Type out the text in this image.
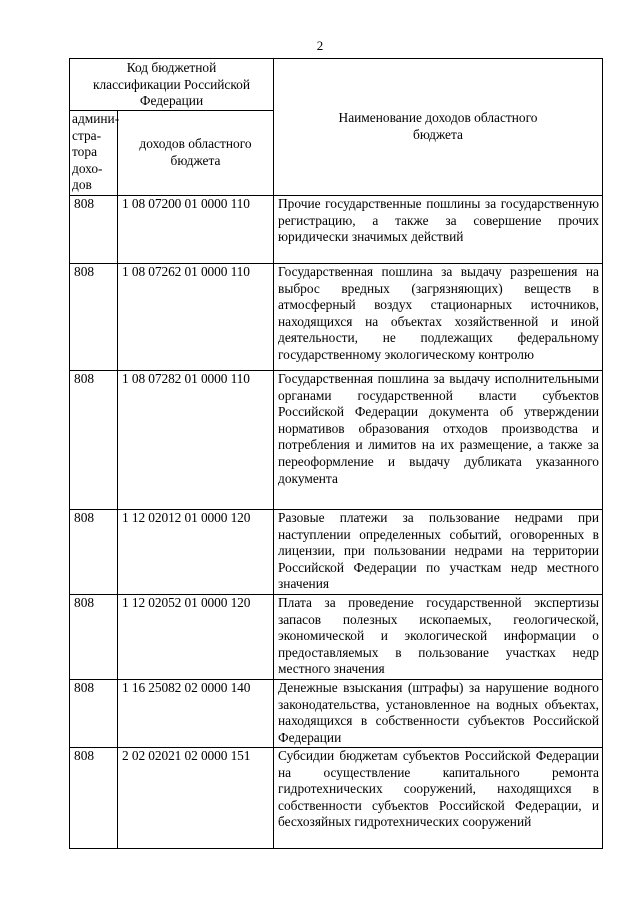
2
Код бюджетной классификации Российской Федерации		Наименование доходов областного бюджета

админи-стра-тора дохо-дов	доходов областного бюджета	

808	1 08 07200 01 0000 110	Прочие государственные пошлины за государственную регистрацию, а также за совершение прочих юридически значимых действий
808	1 08 07262 01 0000 110	Государственная пошлина за выдачу разрешения на выброс вредных (загрязняющих) веществ в атмосферный воздух стационарных источников, находящихся на объектах хозяйственной и иной деятельности, не подлежащих федеральному государственному экологическому контролю
808	1 08 07282 01 0000 110	Государственная пошлина за выдачу исполнительными органами государственной власти субъектов Российской Федерации документа об утверждении нормативов образования отходов производства и потребления и лимитов на их размещение, а также за переоформление и выдачу дубликата указанного документа
808	1 12 02012 01 0000 120	Разовые платежи за пользование недрами при наступлении определенных событий, оговоренных в лицензии, при пользовании недрами на территории Российской Федерации по участкам недр местного значения
808	1 12 02052 01 0000 120	Плата за проведение государственной экспертизы запасов полезных ископаемых, геологической, экономической и экологической информации о предоставляемых в пользование участках недр местного значения
808	1 16 25082 02 0000 140	Денежные взыскания (штрафы) за нарушение водного законодательства, установленное на водных объектах, находящихся в собственности субъектов Российской Федерации
808	2 02 02021 02 0000 151	Субсидии бюджетам субъектов Российской Федерации на осуществление капитального ремонта гидротехнических сооружений, находящихся в собственности субъектов Российской Федерации, и бесхозяйных гидротехнических сооружений
